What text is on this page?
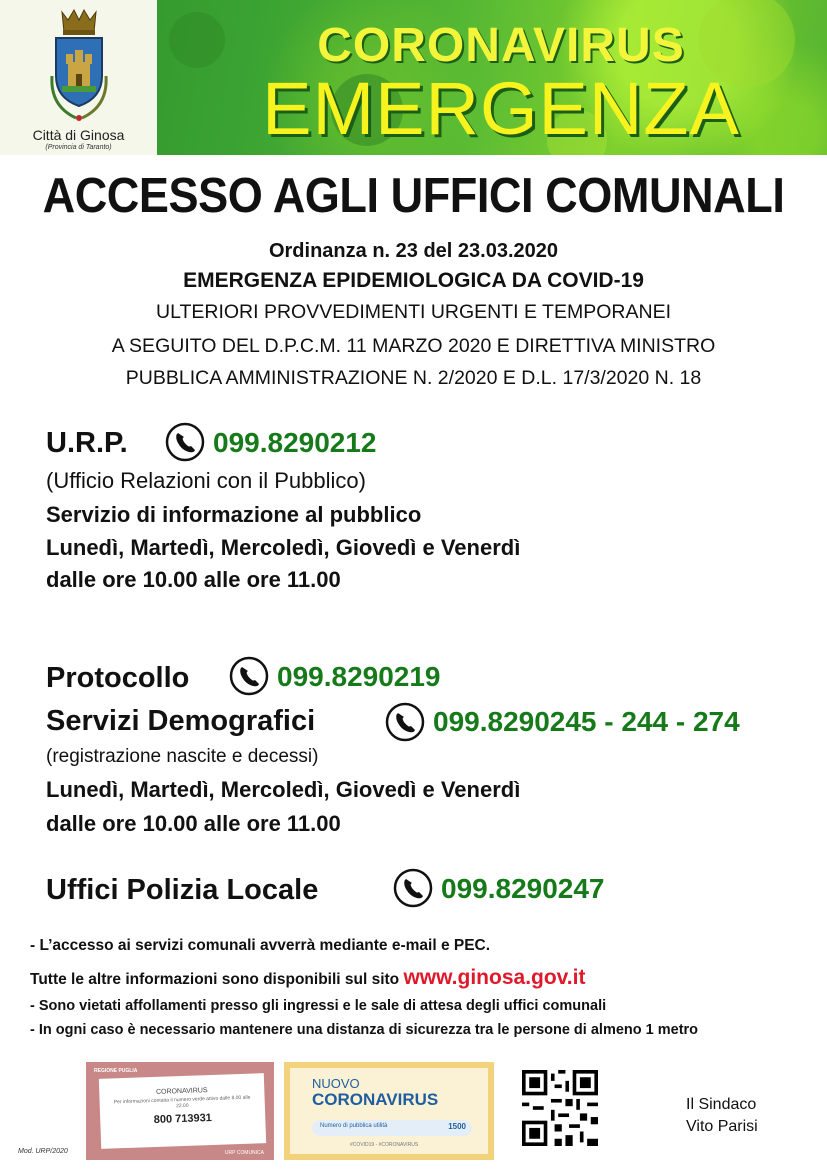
Città di Ginosa
(Provincia di Taranto)
CORONAVIRUS
EMERGENZA
ACCESSO AGLI UFFICI COMUNALI
Ordinanza n. 23 del 23.03.2020
EMERGENZA EPIDEMIOLOGICA DA COVID-19
ULTERIORI PROVVEDIMENTI URGENTI E TEMPORANEI
A SEGUITO DEL D.P.C.M. 11 MARZO 2020 E DIRETTIVA MINISTRO
PUBBLICA AMMINISTRAZIONE N. 2/2020 E D.L. 17/3/2020 N. 18
U.R.P.	099.8290212
(Ufficio Relazioni con il Pubblico)
Servizio di informazione al pubblico
Lunedì, Martedì, Mercoledì, Giovedì e Venerdì
dalle ore 10.00 alle ore 11.00
Protocollo	099.8290219
Servizi Demografici	099.8290245 - 244 - 274
(registrazione nascite e decessi)
Lunedì, Martedì, Mercoledì, Giovedì e Venerdì
dalle ore 10.00 alle ore 11.00
Uffici Polizia Locale	099.8290247
- L’accesso ai servizi comunali avverrà mediante e-mail e PEC.
Tutte le altre informazioni sono disponibili sul sito www.ginosa.gov.it
- Sono vietati affollamenti presso gli ingressi e le sale di attesa degli uffici comunali
- In ogni caso è necessario mantenere una distanza di sicurezza tra le persone di almeno 1 metro
REGIONE PUGLIA
CORONAVIRUS
Per informazioni contatta il numero verde attivo dalle 8.00 alle 22.00
800 713931
URP COMUNICA
NUOVO
CORONAVIRUS
Numero di pubblica utilità	1500
#COVID19 - #CORONAVIRUS
Il Sindaco
Vito Parisi
Mod. URP/2020
